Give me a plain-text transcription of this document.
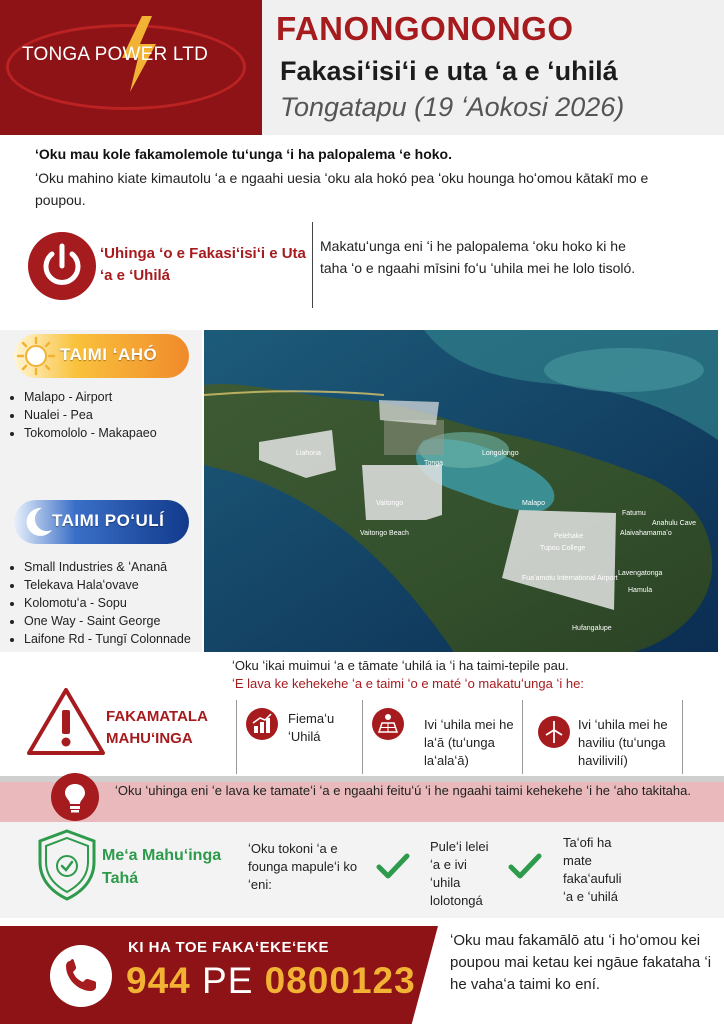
TONGA POWER LTD
FANONGONONGO
Fakasiʻisiʻi e uta ʻa e ʻuhilá
Tongatapu (19 ʻAokosi 2026)
ʻOku mau kole fakamolemole tuʻunga ʻi ha palopalema ʻe hoko.
ʻOku mahino kiate kimautolu ʻa e ngaahi uesia ʻoku ala hokó pea ʻoku hounga hoʻomou kātakī mo e poupou.
ʻUhinga ʻo e Fakasiʻisiʻi e Uta ʻa e ʻUhilá
Makatuʻunga eni ʻi he palopalema ʻoku hoko ki he taha ʻo e ngaahi mīsini foʻu ʻuhila mei he lolo tisoló.
TAIMI ʻAHÓ
• Malapo - Airport
• Nualei - Pea
• Tokomololo - Makapaeo
TAIMI POʻULÍ
• Small Industries & ʻAnanā
• Telekava Halaʻovave
• Kolomotuʻa - Sopu
• One Way - Saint George
• Laifone Rd - Tungī Colonnade
Liahona
Vaitongo
Vaitongo Beach
Tonga
Longolongo
Malapo
Pelehake
Tupou College
Fuaʻamotu International Airport
Alaivahamamaʻo
Lavengatonga
Hamula
Fatumu
Anahulu Cave
Hufangalupe
ʻOku ʻikai muimui ʻa e tāmate ʻuhilá ia ʻi ha taimi-tepile pau.
ʻE lava ke kehekehe ʻa e taimi ʻo e maté ʻo makatuʻunga ʻi he:
FAKAMATALA MAHUʻINGA
Fiemaʻu ʻUhilá
Ivi ʻuhila mei he laʻā (tuʻunga laʻalaʻā)
Ivi ʻuhila mei he haviliu (tuʻunga havilivilí)
ʻOku ʻuhinga eni ʻe lava ke tamateʻi ʻa e ngaahi feituʻú ʻi he ngaahi taimi kehekehe ʻi he ʻaho takitaha.
Meʻa Mahuʻinga Tahá
ʻOku tokoni ʻa e founga mapuleʻi ko ʻeni:
Puleʻi lelei ʻa e ivi ʻuhila lolotongá
Taʻofi ha mate fakaʻaufuli ʻa e ʻuhilá
KI HA TOE FAKAʻEKEʻEKE
944 PE 0800123
ʻOku mau fakamālō atu ʻi hoʻomou kei poupou mai ketau kei ngāue fakataha ʻi he vahaʻa taimi ko ení.
